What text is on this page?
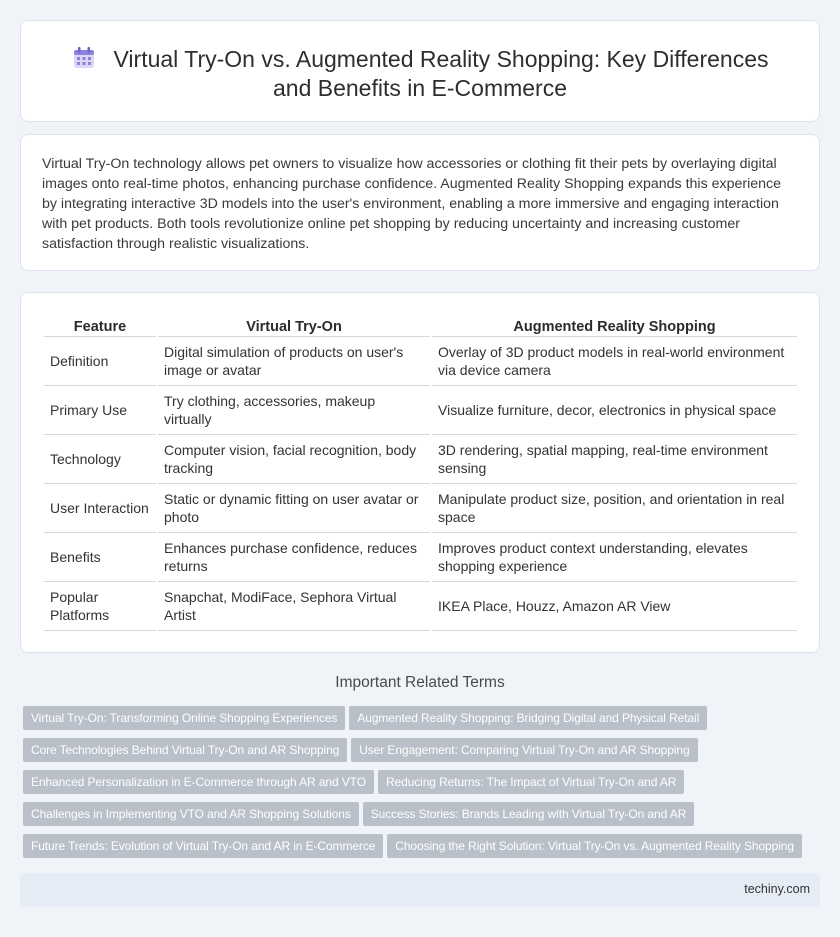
Virtual Try-On vs. Augmented Reality Shopping: Key Differences and Benefits in E-Commerce

Virtual Try-On technology allows pet owners to visualize how accessories or clothing fit their pets by overlaying digital images onto real-time photos, enhancing purchase confidence. Augmented Reality Shopping expands this experience by integrating interactive 3D models into the user's environment, enabling a more immersive and engaging interaction with pet products. Both tools revolutionize online pet shopping by reducing uncertainty and increasing customer satisfaction through realistic visualizations.

Feature	Virtual Try-On	Augmented Reality Shopping
Definition	Digital simulation of products on user's image or avatar	Overlay of 3D product models in real-world environment via device camera
Primary Use	Try clothing, accessories, makeup virtually	Visualize furniture, decor, electronics in physical space
Technology	Computer vision, facial recognition, body tracking	3D rendering, spatial mapping, real-time environment sensing
User Interaction	Static or dynamic fitting on user avatar or photo	Manipulate product size, position, and orientation in real space
Benefits	Enhances purchase confidence, reduces returns	Improves product context understanding, elevates shopping experience
Popular Platforms	Snapchat, ModiFace, Sephora Virtual Artist	IKEA Place, Houzz, Amazon AR View
Important Related Terms
Virtual Try-On: Transforming Online Shopping Experiences Augmented Reality Shopping: Bridging Digital and Physical Retail
Core Technologies Behind Virtual Try-On and AR Shopping User Engagement: Comparing Virtual Try-On and AR Shopping
Enhanced Personalization in E-Commerce through AR and VTO Reducing Returns: The Impact of Virtual Try-On and AR
Challenges in Implementing VTO and AR Shopping Solutions Success Stories: Brands Leading with Virtual Try-On and AR
Future Trends: Evolution of Virtual Try-On and AR in E-Commerce Choosing the Right Solution: Virtual Try-On vs. Augmented Reality Shopping
techiny.com
